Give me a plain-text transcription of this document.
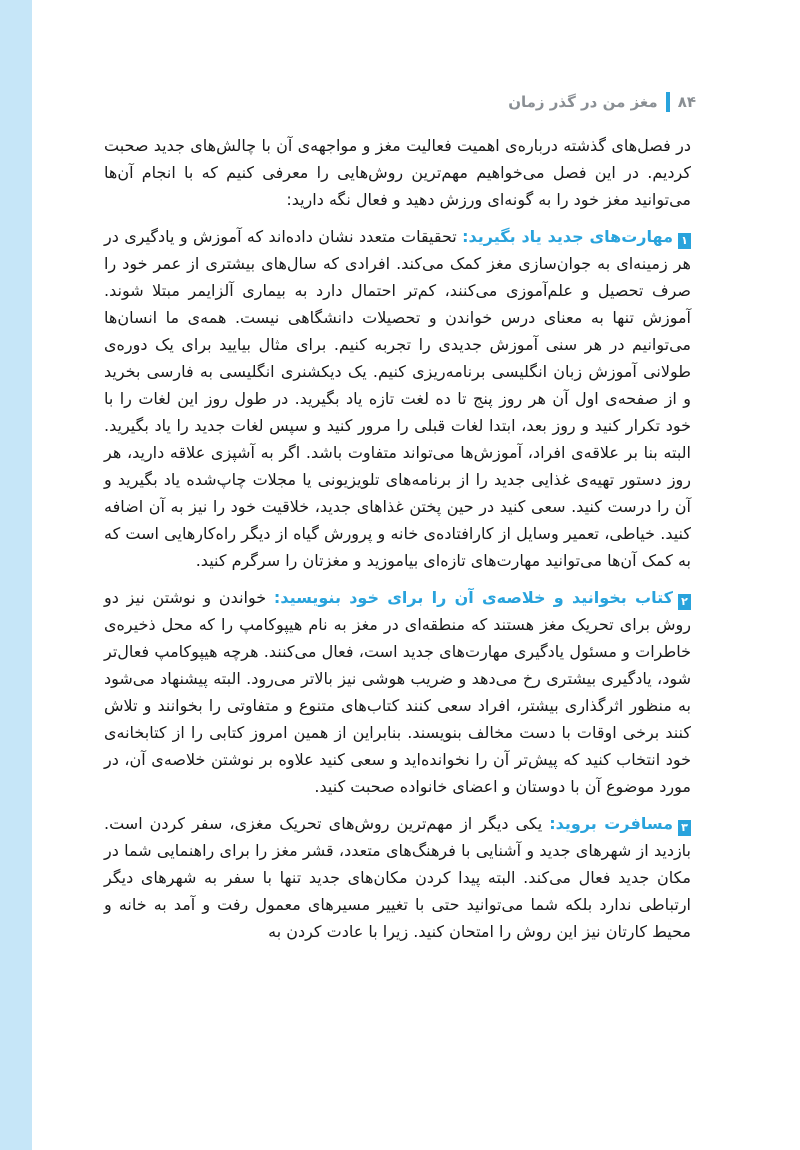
۸۴
مغز من در گذر زمان

در فصل‌های گذشته درباره‌ی اهمیت فعالیت مغز و مواجهه‌ی آن با چالش‌های جدید صحبت کردیم. در این فصل می‌خواهیم مهم‌ترین روش‌هایی را معرفی کنیم که با انجام آن‌ها می‌توانید مغز خود را به گونه‌ای ورزش دهید و فعال نگه دارید:

۱مهارت‌های جدید یاد بگیرید: تحقیقات متعدد نشان داده‌اند که آموزش و یادگیری در هر زمینه‌ای به جوان‌سازی مغز کمک می‌کند. افرادی که سال‌های بیشتری از عمر خود را صرف تحصیل و علم‌آموزی می‌کنند، کم‌تر احتمال دارد به بیماری آلزایمر مبتلا شوند. آموزش تنها به معنای درس خواندن و تحصیلات دانشگاهی نیست. همه‌ی ما انسان‌ها می‌توانیم در هر سنی آموزش جدیدی را تجربه کنیم. برای مثال بیایید برای یک دوره‌ی طولانی آموزش زبان انگلیسی برنامه‌ریزی کنیم. یک دیکشنری انگلیسی به فارسی بخرید و از صفحه‌ی اول آن هر روز پنج تا ده لغت تازه یاد بگیرید. در طول روز این لغات را با خود تکرار کنید و روز بعد، ابتدا لغات قبلی را مرور کنید و سپس لغات جدید را یاد بگیرید. البته بنا بر علاقه‌ی افراد، آموزش‌ها می‌تواند متفاوت باشد. اگر به آشپزی علاقه دارید، هر روز دستور تهیه‌ی غذایی جدید را از برنامه‌های تلویزیونی یا مجلات چاپ‌شده یاد بگیرید و آن را درست کنید. سعی کنید در حین پختن غذاهای جدید، خلاقیت خود را نیز به آن اضافه کنید. خیاطی، تعمیر وسایل از کارافتاده‌ی خانه و پرورش گیاه از دیگر راه‌کارهایی است که به کمک آن‌ها می‌توانید مهارت‌های تازه‌ای بیاموزید و مغزتان را سرگرم کنید.

۲کتاب بخوانید و خلاصه‌ی آن را برای خود بنویسید: خواندن و نوشتن نیز دو روش برای تحریک مغز هستند که منطقه‌ای در مغز به نام هیپوکامپ را که محل ذخیره‌ی خاطرات و مسئول یادگیری مهارت‌های جدید است، فعال می‌کنند. هرچه هیپوکامپ فعال‌تر شود، یادگیری بیشتری رخ می‌دهد و ضریب هوشی نیز بالاتر می‌رود. البته پیشنهاد می‌شود به منظور اثرگذاری بیشتر، افراد سعی کنند کتاب‌های متنوع و متفاوتی را بخوانند و تلاش کنند برخی اوقات با دست مخالف بنویسند. بنابراین از همین امروز کتابی را از کتابخانه‌ی خود انتخاب کنید که پیش‌تر آن را نخوانده‌اید و سعی کنید علاوه بر نوشتن خلاصه‌ی آن، در مورد موضوع آن با دوستان و اعضای خانواده صحبت کنید.

۳مسافرت بروید: یکی دیگر از مهم‌ترین روش‌های تحریک مغزی، سفر کردن است. بازدید از شهرهای جدید و آشنایی با فرهنگ‌های متعدد، قشر مغز را برای راهنمایی شما در مکان جدید فعال می‌کند. البته پیدا کردن مکان‌های جدید تنها با سفر به شهرهای دیگر ارتباطی ندارد بلکه شما می‌توانید حتی با تغییر مسیرهای معمول رفت و آمد به خانه و محیط کارتان نیز این روش را امتحان کنید. زیرا با عادت کردن به
